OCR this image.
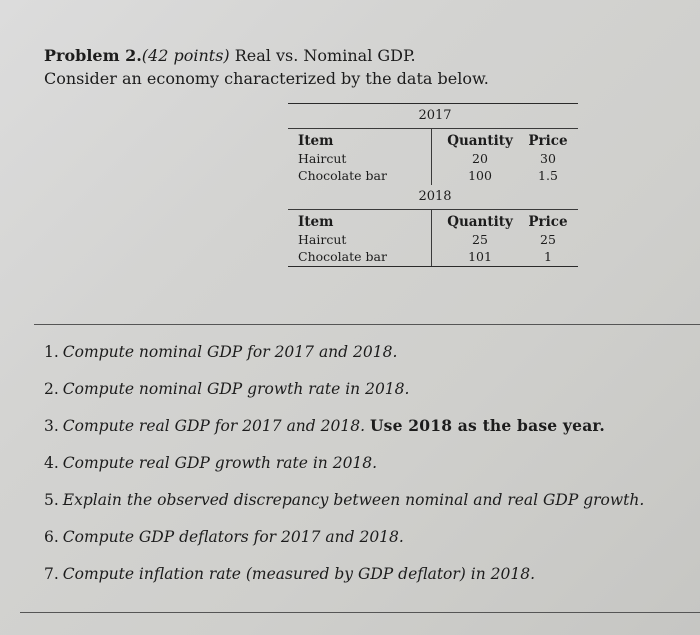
Problem 2.(42 points) Real vs. Nominal GDP.
Consider an economy characterized by the data below.
2017
Item
Haircut
Chocolate bar
Quantity
20
100
Price
30
1.5
2018
Item
Haircut
Chocolate bar
Quantity
25
101
Price
25
1
1. Compute nominal GDP for 2017 and 2018.
2. Compute nominal GDP growth rate in 2018.
3. Compute real GDP for 2017 and 2018. Use 2018 as the base year.
4. Compute real GDP growth rate in 2018.
5. Explain the observed discrepancy between nominal and real GDP growth.
6. Compute GDP deflators for 2017 and 2018.
7. Compute inflation rate (measured by GDP deflator) in 2018.
